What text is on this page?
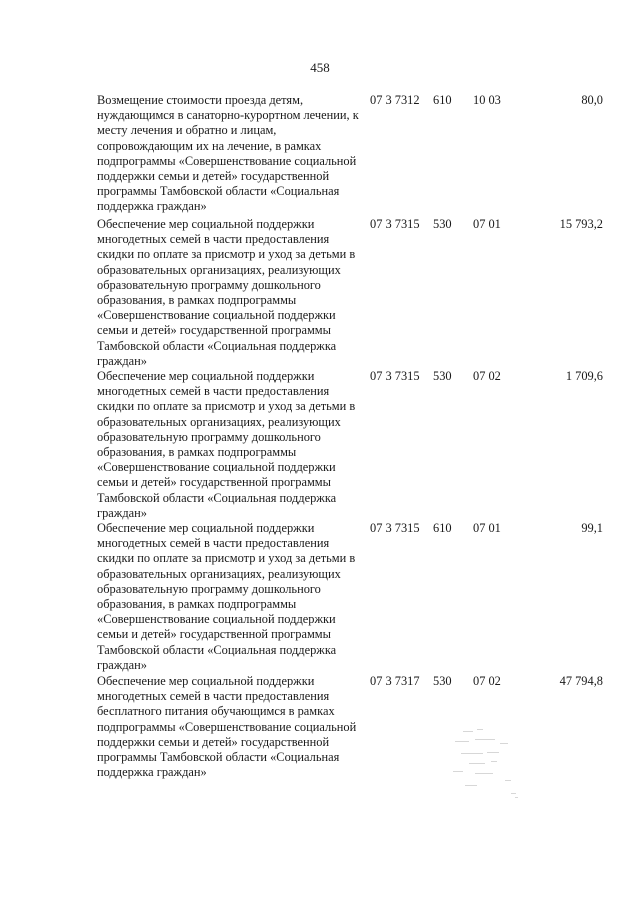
458
Возмещение стоимости проезда детям, нуждающимся в санаторно-курортном лечении, к месту лечения и обратно и лицам, сопровождающим их на лечение, в рамках подпрограммы «Совершенствование социальной поддержки семьи и детей» государственной программы Тамбовской области «Социальная поддержка граждан»
07 3 7312 610 10 03	80,0
Обеспечение мер социальной поддержки многодетных семей в части предоставления скидки по оплате за присмотр и уход за детьми в образовательных организациях, реализующих образовательную программу дошкольного образования, в рамках подпрограммы «Совершенствование социальной поддержки семьи и детей» государственной программы Тамбовской области «Социальная поддержка граждан»
07 3 7315 530 07 01	15 793,2
Обеспечение мер социальной поддержки многодетных семей в части предоставления скидки по оплате за присмотр и уход за детьми в образовательных организациях, реализующих образовательную программу дошкольного образования, в рамках подпрограммы «Совершенствование социальной поддержки семьи и детей» государственной программы Тамбовской области «Социальная поддержка граждан»
07 3 7315 530 07 02	1 709,6
Обеспечение мер социальной поддержки многодетных семей в части предоставления скидки по оплате за присмотр и уход за детьми в образовательных организациях, реализующих образовательную программу дошкольного образования, в рамках подпрограммы «Совершенствование социальной поддержки семьи и детей» государственной программы Тамбовской области «Социальная поддержка граждан»
07 3 7315 610 07 01	99,1
Обеспечение мер социальной поддержки многодетных семей в части предоставления бесплатного питания обучающимся в рамках подпрограммы «Совершенствование социальной поддержки семьи и детей» государственной программы Тамбовской области «Социальная поддержка граждан»
07 3 7317 530 07 02	47 794,8
